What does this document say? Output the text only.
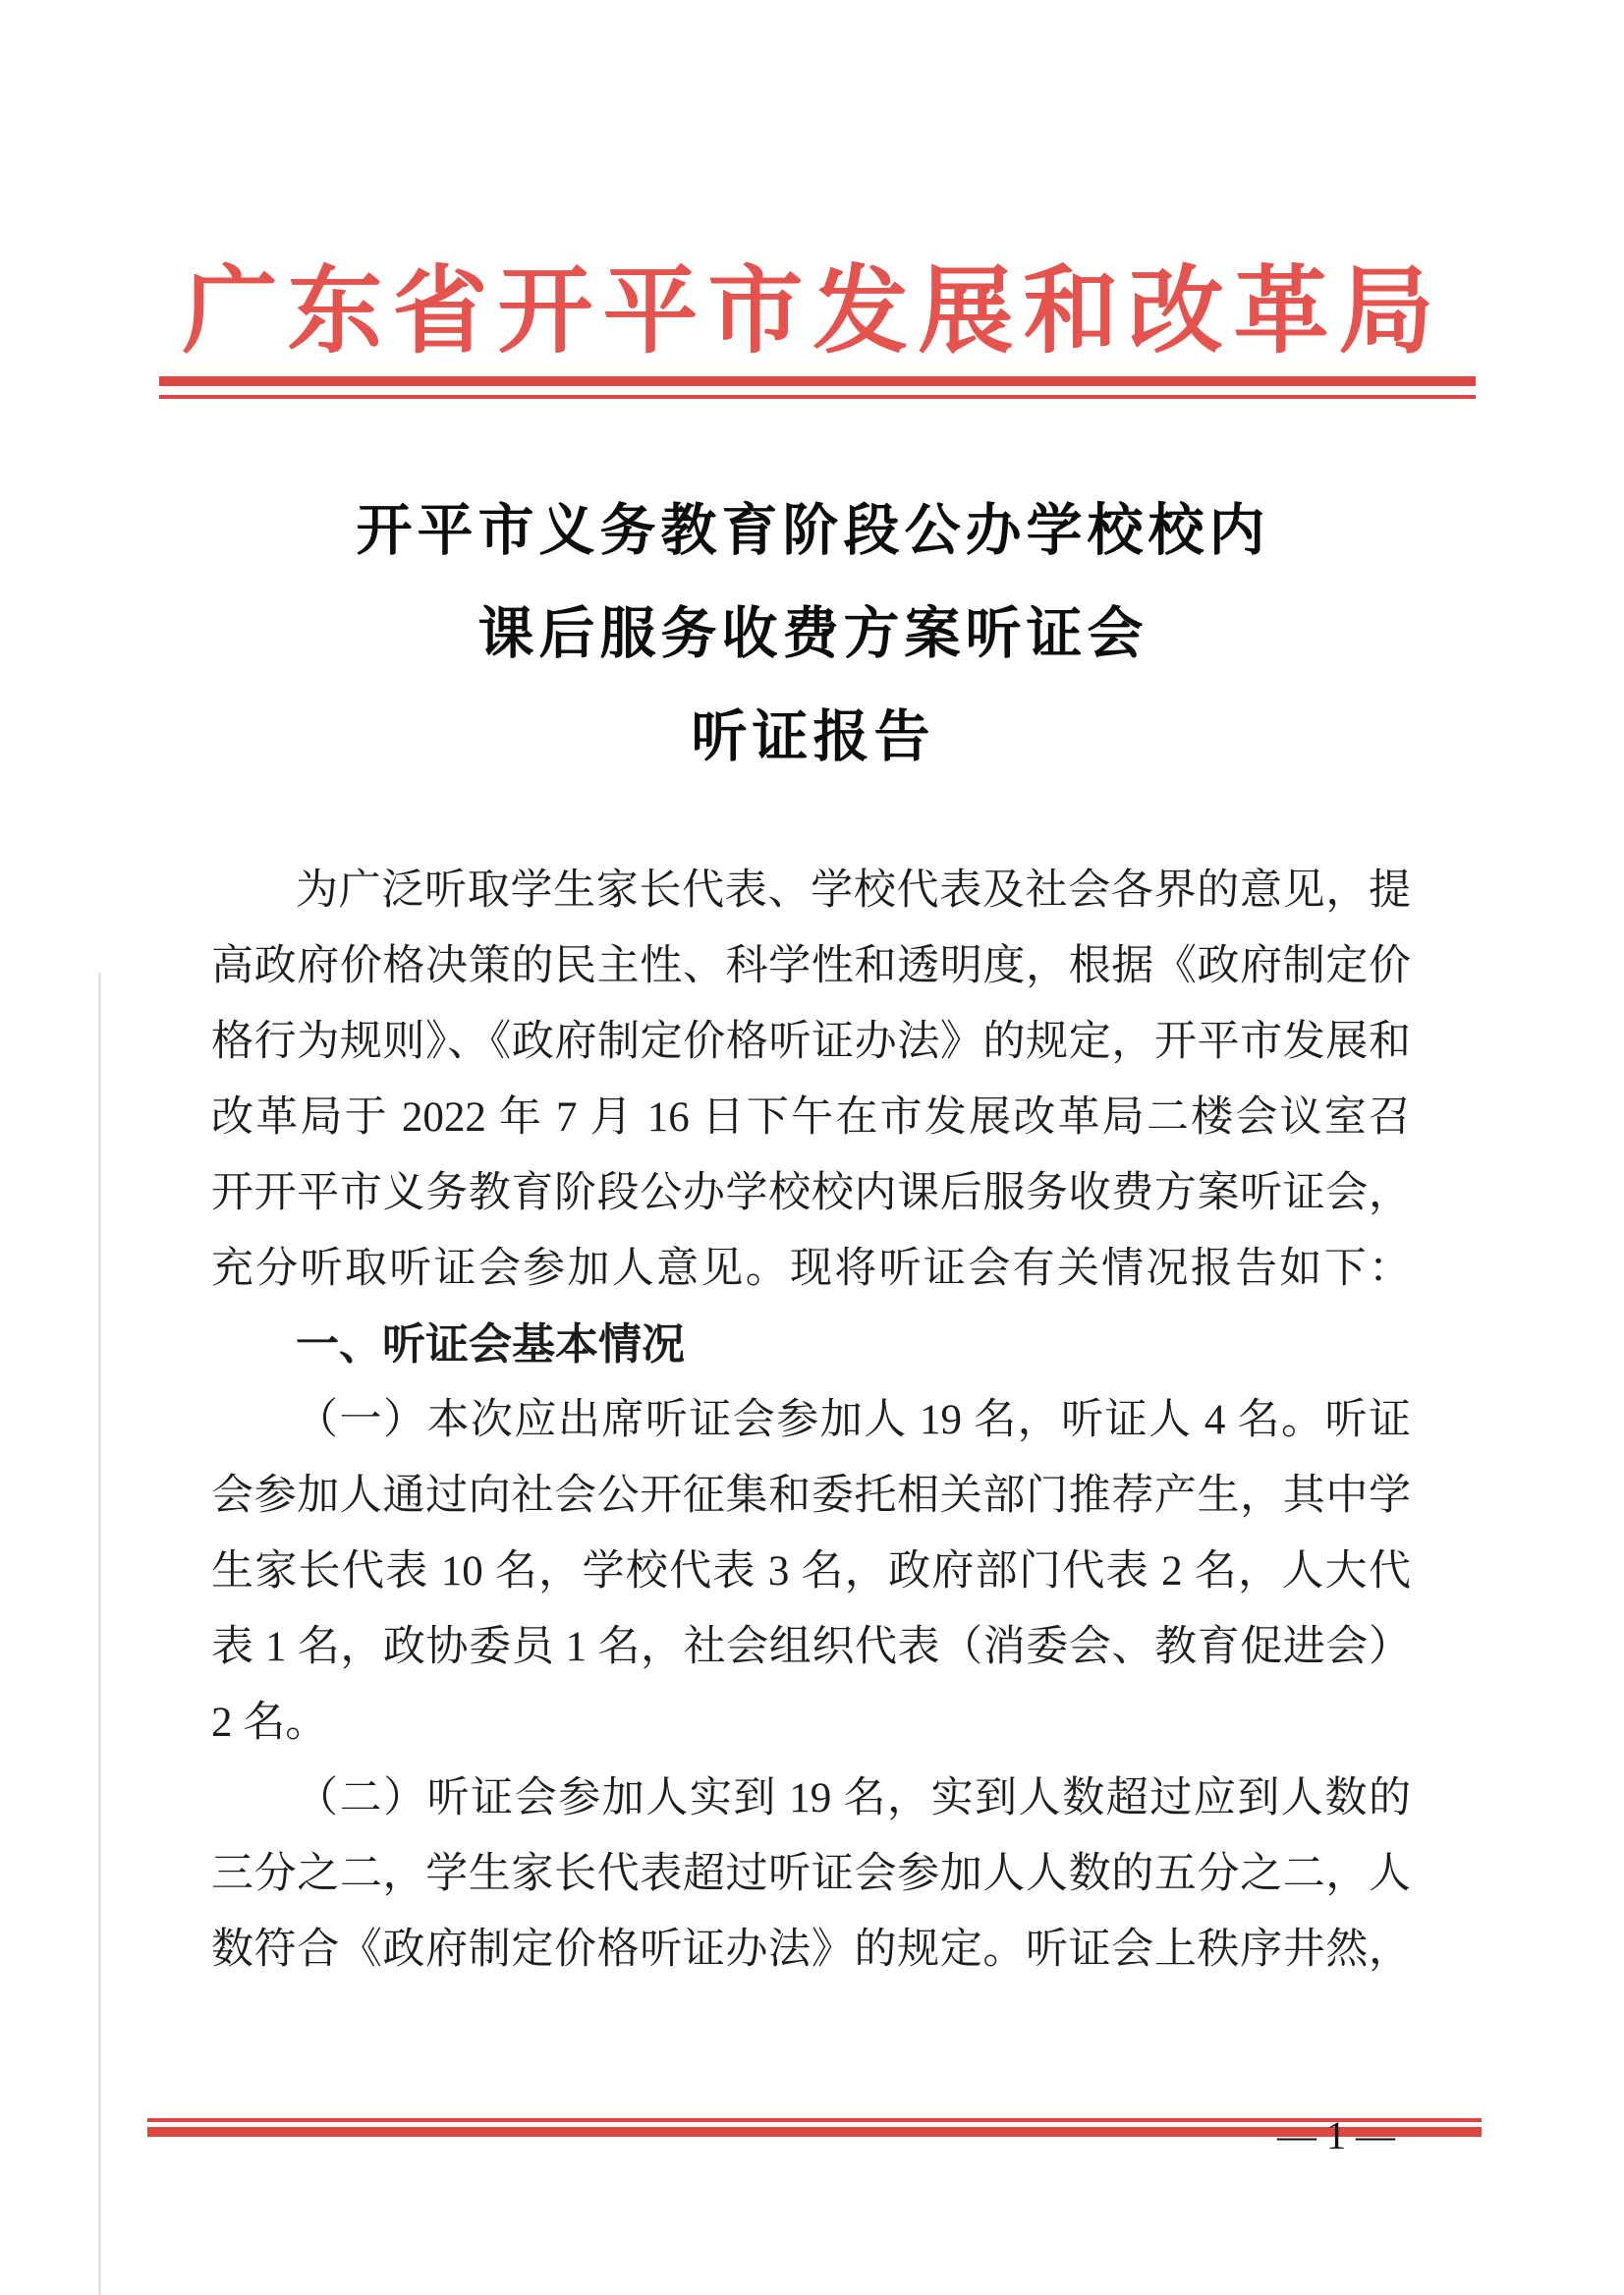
广东省开平市发展和改革局
开平市义务教育阶段公办学校校内
课后服务收费方案听证会
听证报告
为广泛听取学生家长代表、学校代表及社会各界的意见，提
高政府价格决策的民主性、科学性和透明度，根据《政府制定价
格行为规则》、《政府制定价格听证办法》的规定，开平市发展和
改革局于 2022 年 7 月 16 日下午在市发展改革局二楼会议室召
开开平市义务教育阶段公办学校校内课后服务收费方案听证会，
充分听取听证会参加人意见。现将听证会有关情况报告如下：
一、听证会基本情况
（一）本次应出席听证会参加人 19 名，听证人 4 名。听证
会参加人通过向社会公开征集和委托相关部门推荐产生，其中学
生家长代表 10 名，学校代表 3 名，政府部门代表 2 名，人大代
表 1 名，政协委员 1 名，社会组织代表（消委会、教育促进会）
2 名。
（二）听证会参加人实到 19 名，实到人数超过应到人数的
三分之二，学生家长代表超过听证会参加人人数的五分之二，人
数符合《政府制定价格听证办法》的规定。听证会上秩序井然，
— 1 —
